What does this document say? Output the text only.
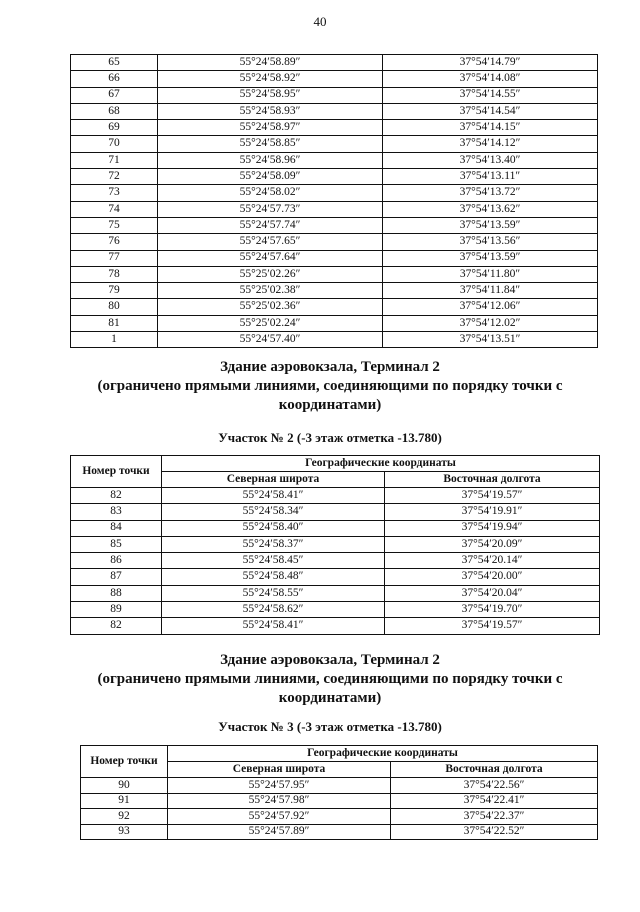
40
65	55°24′58.89″	37°54′14.79″
66	55°24′58.92″	37°54′14.08″
67	55°24′58.95″	37°54′14.55″
68	55°24′58.93″	37°54′14.54″
69	55°24′58.97″	37°54′14.15″
70	55°24′58.85″	37°54′14.12″
71	55°24′58.96″	37°54′13.40″
72	55°24′58.09″	37°54′13.11″
73	55°24′58.02″	37°54′13.72″
74	55°24′57.73″	37°54′13.62″
75	55°24′57.74″	37°54′13.59″
76	55°24′57.65″	37°54′13.56″
77	55°24′57.64″	37°54′13.59″
78	55°25′02.26″	37°54′11.80″
79	55°25′02.38″	37°54′11.84″
80	55°25′02.36″	37°54′12.06″
81	55°25′02.24″	37°54′12.02″
1	55°24′57.40″	37°54′13.51″
Здание аэровокзала, Терминал 2
(ограничено прямыми линиями, соединяющими по порядку точки с
координатами)
Участок № 2 (-3 этаж отметка -13.780)
Номер точки	Географические координаты	
	Северная широта	Восточная долгота
82	55°24′58.41″	37°54′19.57″
83	55°24′58.34″	37°54′19.91″
84	55°24′58.40″	37°54′19.94″
85	55°24′58.37″	37°54′20.09″
86	55°24′58.45″	37°54′20.14″
87	55°24′58.48″	37°54′20.00″
88	55°24′58.55″	37°54′20.04″
89	55°24′58.62″	37°54′19.70″
82	55°24′58.41″	37°54′19.57″
Здание аэровокзала, Терминал 2
(ограничено прямыми линиями, соединяющими по порядку точки с
координатами)
Участок № 3 (-3 этаж отметка -13.780)
Номер точки	Географические координаты	
	Северная широта	Восточная долгота
90	55°24′57.95″	37°54′22.56″
91	55°24′57.98″	37°54′22.41″
92	55°24′57.92″	37°54′22.37″
93	55°24′57.89″	37°54′22.52″
